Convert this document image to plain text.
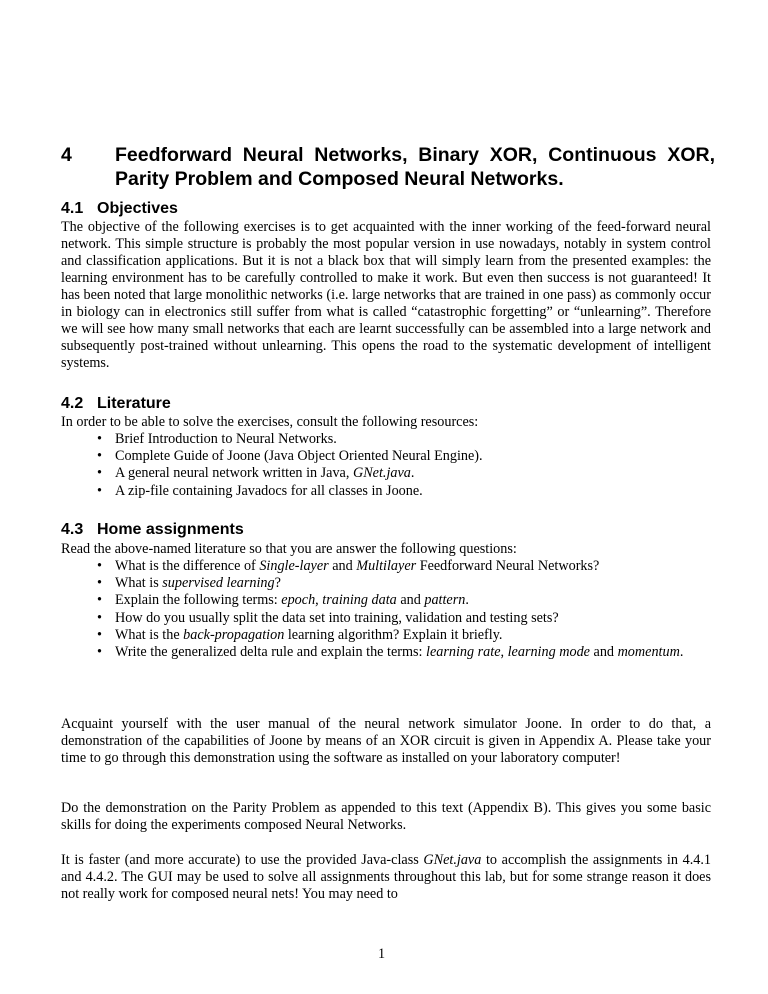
4 Feedforward Neural Networks, Binary XOR, Continuous XOR, Parity Problem and Composed Neural Networks.
4.1 Objectives
The objective of the following exercises is to get acquainted with the inner working of the feed-forward neural network. This simple structure is probably the most popular version in use nowadays, notably in system control and classification applications. But it is not a black box that will simply learn from the presented examples: the learning environment has to be carefully controlled to make it work. But even then success is not guaranteed! It has been noted that large monolithic networks (i.e. large networks that are trained in one pass) as commonly occur in biology can in electronics still suffer from what is called “catastrophic forgetting” or “unlearning”. Therefore we will see how many small networks that each are learnt successfully can be assembled into a large network and subsequently post-trained without unlearning. This opens the road to the systematic development of intelligent systems.
4.2 Literature
In order to be able to solve the exercises, consult the following resources:
• Brief Introduction to Neural Networks.
• Complete Guide of Joone (Java Object Oriented Neural Engine).
• A general neural network written in Java, GNet.java.
• A zip-file containing Javadocs for all classes in Joone.
4.3 Home assignments
Read the above-named literature so that you are answer the following questions:
• What is the difference of Single-layer and Multilayer Feedforward Neural Networks?
• What is supervised learning?
• Explain the following terms: epoch, training data and pattern.
• How do you usually split the data set into training, validation and testing sets?
• What is the back-propagation learning algorithm? Explain it briefly.
• Write the generalized delta rule and explain the terms: learning rate, learning mode and momentum.
Acquaint yourself with the user manual of the neural network simulator Joone. In order to do that, a demonstration of the capabilities of Joone by means of an XOR circuit is given in Appendix A. Please take your time to go through this demonstration using the software as installed on your laboratory computer!
Do the demonstration on the Parity Problem as appended to this text (Appendix B). This gives you some basic skills for doing the experiments composed Neural Networks.
It is faster (and more accurate) to use the provided Java-class GNet.java to accomplish the assignments in 4.4.1 and 4.4.2. The GUI may be used to solve all assignments throughout this lab, but for some strange reason it does not really work for composed neural nets! You may need to
1
